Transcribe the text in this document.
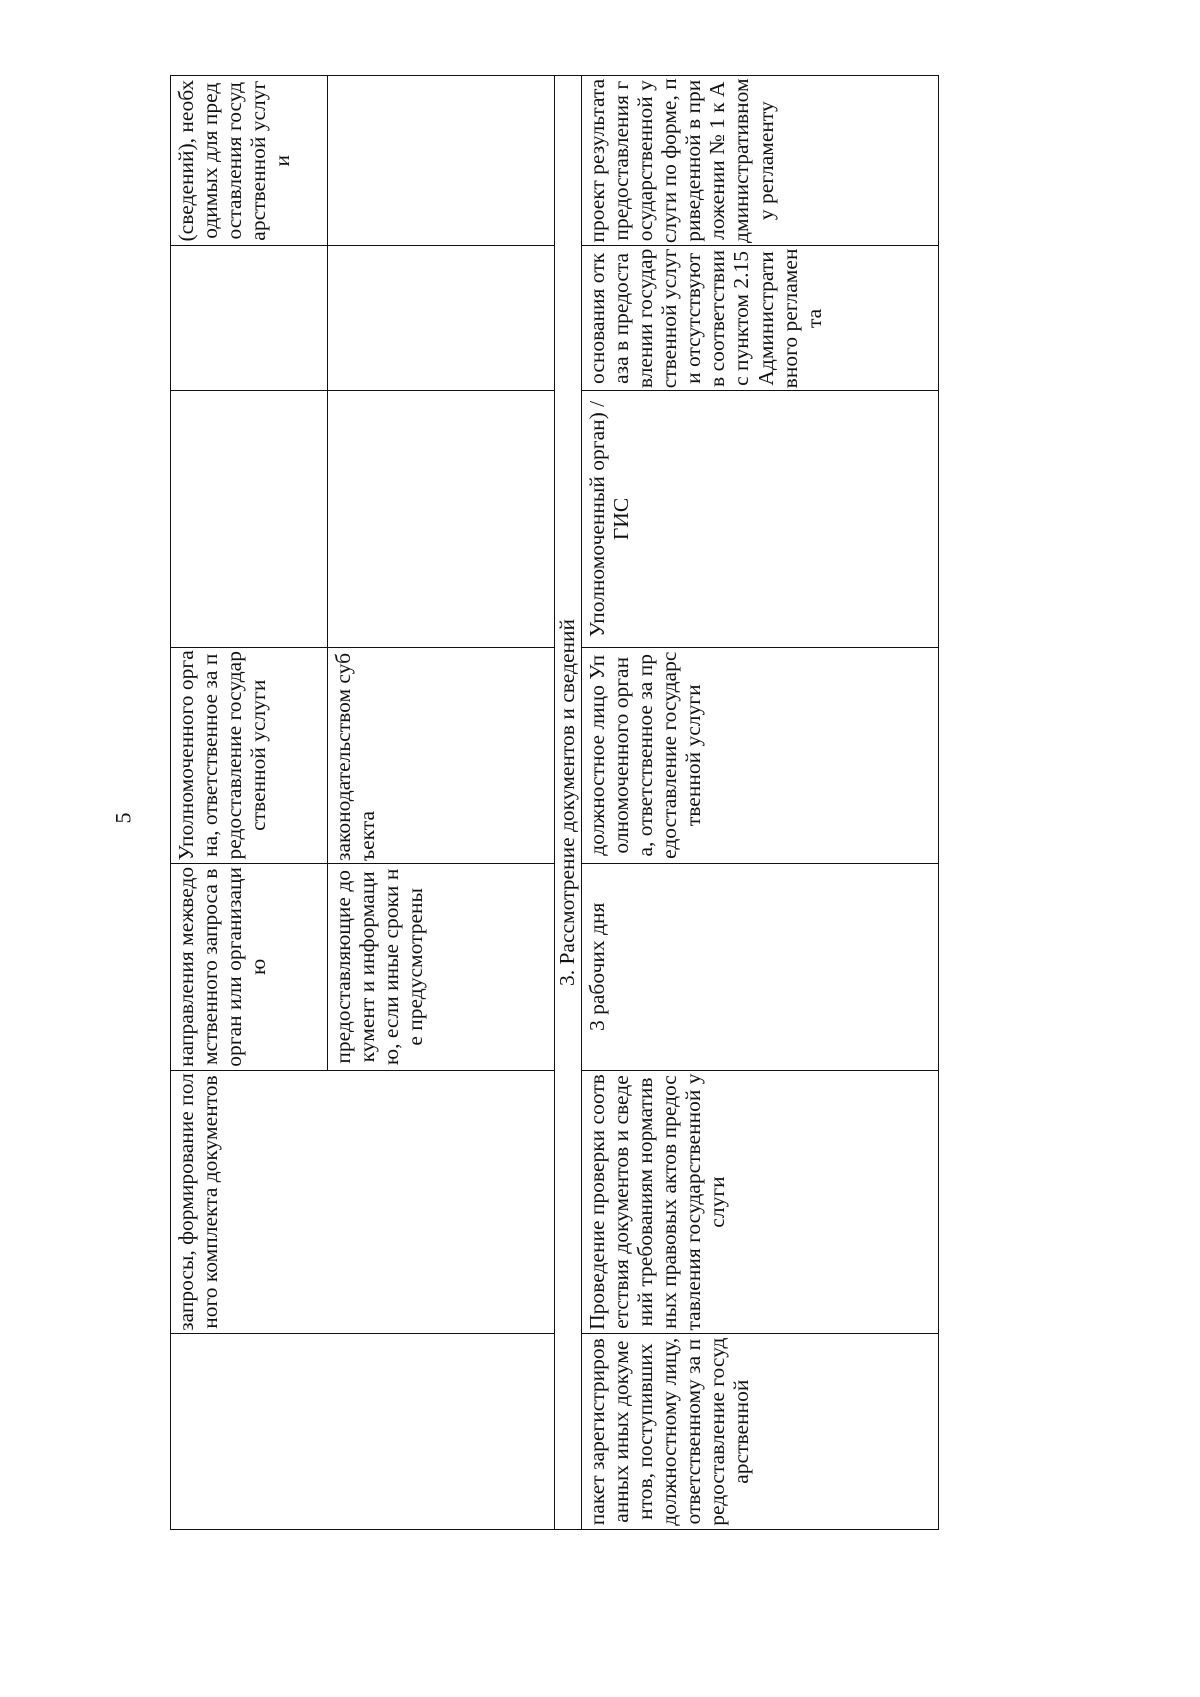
5
	запросы, формирование полного комплекта документов	направления межведомственного запроса в орган или организацию	Уполномоченного органа, ответственное за предоставление государственной услуги			(сведений), необходимых для предоставления государственной услуги
		предоставляющие документ и информацию, если иные сроки не предусмотрены	законодательством субъекта			
3. Рассмотрение документов и сведений						
пакет зарегистрированных иных документов, поступивших должностному лицу, ответственному за предоставление государственной	Проведение проверки соответствия документов и сведений требованиям нормативных правовых актов предоставления государственной услуги	3 рабочих дня	должностное лицо Уполномоченного органа, ответственное за предоставление государственной услуги	Уполномоченный орган) / ГИС	основания отказа в предоставлении государственной услуги отсутствуют в соответствии с пунктом 2.15 Административного регламента	проект результата предоставления государственной услуги по форме, приведенной в приложении № 1 к Административному регламенту
